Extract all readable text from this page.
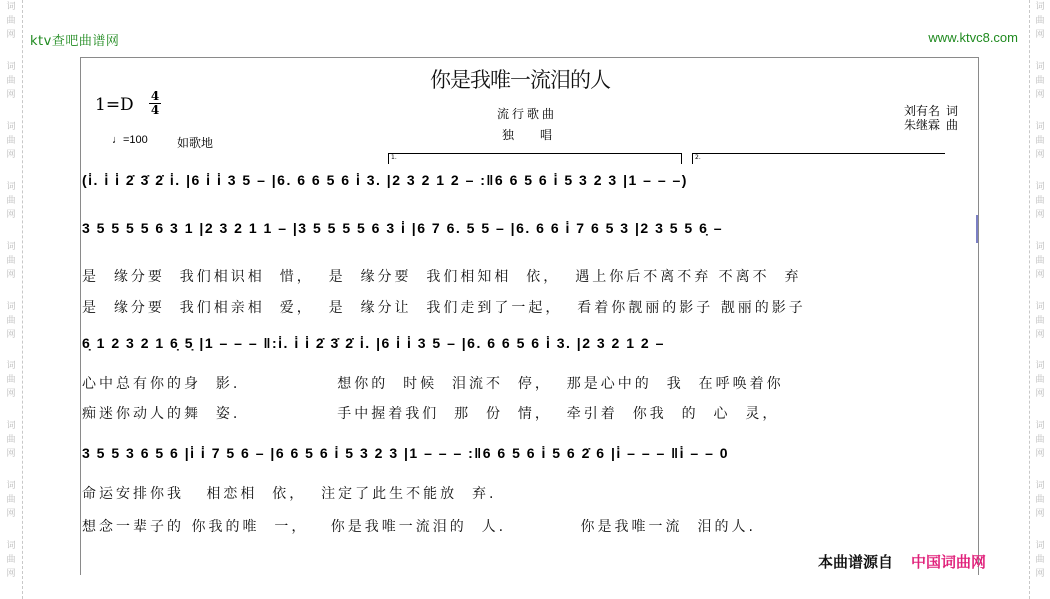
词
曲
网
词
曲
网
词
曲
网
词
曲
网
词
曲
网
词
曲
网
词
曲
网
词
曲
网
词
曲
网
词
曲
网
词
曲
网
词
曲
网
词
曲
网
词
曲
网
词
曲
网
词
曲
网
词
曲
网
词
曲
网
词
曲
网
词
曲
网
ktv查吧曲谱网	www.ktvc8.com
你是我唯一流泪的人
流行歌曲
独 唱
刘有名 词
朱继霖 曲
1=D 4
4
♩=100 如歌地
1.	2.
(i̇. i̇ i̇ 2̇ 3̇ 2̇ i̇. |6 i̇ i̇ 3 5 – |6. 6 6 5 6 i̇ 3. |2 3 2 1 2 – :‖6 6 5 6 i̇ 5 3 2 3 |1 – – –)
3 5 5 5 5 6 3 1 |2 3 2 1 1 – |3 5 5 5 5 6 3 i̇ |6 7 6. 5 5 – |6. 6 6 i̇ 7 6 5 3 |2 3 5 5 6̣ –
6̣ 1 2 3 2 1 6̣ 5̣ |1 – – – ‖:i̇. i̇ i̇ 2̇ 3̇ 2̇ i̇. |6 i̇ i̇ 3 5 – |6. 6 6 5 6 i̇ 3. |2 3 2 1 2 –
3 5 5 3 6 5 6 |i̇ i̇ 7 5 6 – |6 6 5 6 i̇ 5 3 2 3 |1 – – – :‖6 6 5 6 i̇ 5 6 2̇ 6 |i̇ – – – ‖i̇ – – 0
是  缘分要  我们相识相  惜，  是  缘分要  我们相知相  依，  遇上你后不离不弃 不离不  弃
是  缘分要  我们相亲相  爱，  是  缘分让  我们走到了一起，  看着你靓丽的影子 靓丽的影子
心中总有你的身  影.             想你的  时候  泪流不  停，  那是心中的  我  在呼唤着你
痴迷你动人的舞  姿.             手中握着我们  那  份  情，  牵引着  你我  的  心  灵，
命运安排你我   相恋相  依，  注定了此生不能放  弃.
想念一辈子的 你我的唯  一，   你是我唯一流泪的  人.          你是我唯一流  泪的人.
本曲谱源自 中国词曲网
